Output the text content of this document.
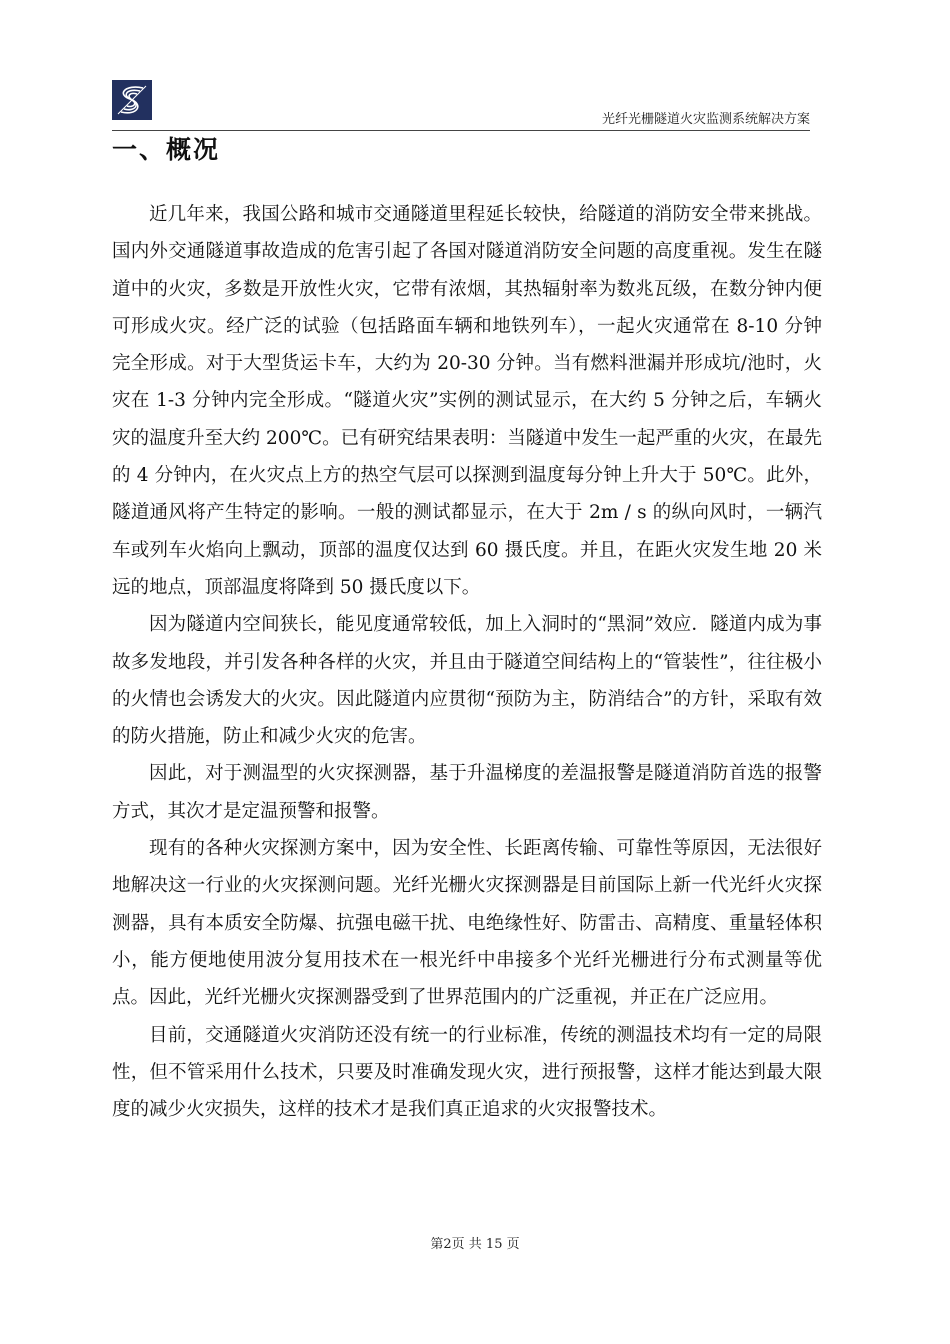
光纤光栅隧道火灾监测系统解决方案
一、概况

近几年来，我国公路和城市交通隧道里程延长较快，给隧道的消防安全带来挑战。国内外交通隧道事故造成的危害引起了各国对隧道消防安全问题的高度重视。发生在隧道中的火灾，多数是开放性火灾，它带有浓烟，其热辐射率为数兆瓦级，在数分钟内便可形成火灾。经广泛的试验（包括路面车辆和地铁列车），一起火灾通常在 8-10 分钟完全形成。对于大型货运卡车，大约为 20-30 分钟。当有燃料泄漏并形成坑/池时，火灾在 1-3 分钟内完全形成。“隧道火灾”实例的测试显示，在大约 5 分钟之后，车辆火灾的温度升至大约 200℃。已有研究结果表明：当隧道中发生一起严重的火灾，在最先的 4 分钟内，在火灾点上方的热空气层可以探测到温度每分钟上升大于 50℃。此外，隧道通风将产生特定的影响。一般的测试都显示，在大于 2m / s 的纵向风时，一辆汽车或列车火焰向上飘动，顶部的温度仅达到 60 摄氏度。并且，在距火灾发生地 20 米远的地点，顶部温度将降到 50 摄氏度以下。

因为隧道内空间狭长，能见度通常较低，加上入洞时的“黑洞”效应．隧道内成为事故多发地段，并引发各种各样的火灾，并且由于隧道空间结构上的“管装性”，往往极小的火情也会诱发大的火灾。因此隧道内应贯彻“预防为主，防消结合”的方针，采取有效的防火措施，防止和减少火灾的危害。

因此，对于测温型的火灾探测器，基于升温梯度的差温报警是隧道消防首选的报警方式，其次才是定温预警和报警。

现有的各种火灾探测方案中，因为安全性、长距离传输、可靠性等原因，无法很好地解决这一行业的火灾探测问题。光纤光栅火灾探测器是目前国际上新一代光纤火灾探测器，具有本质安全防爆、抗强电磁干扰、电绝缘性好、防雷击、高精度、重量轻体积小，能方便地使用波分复用技术在一根光纤中串接多个光纤光栅进行分布式测量等优点。因此，光纤光栅火灾探测器受到了世界范围内的广泛重视，并正在广泛应用。

目前，交通隧道火灾消防还没有统一的行业标准，传统的测温技术均有一定的局限性，但不管采用什么技术，只要及时准确发现火灾，进行预报警，这样才能达到最大限度的减少火灾损失，这样的技术才是我们真正追求的火灾报警技术。

第2页 共 15 页
